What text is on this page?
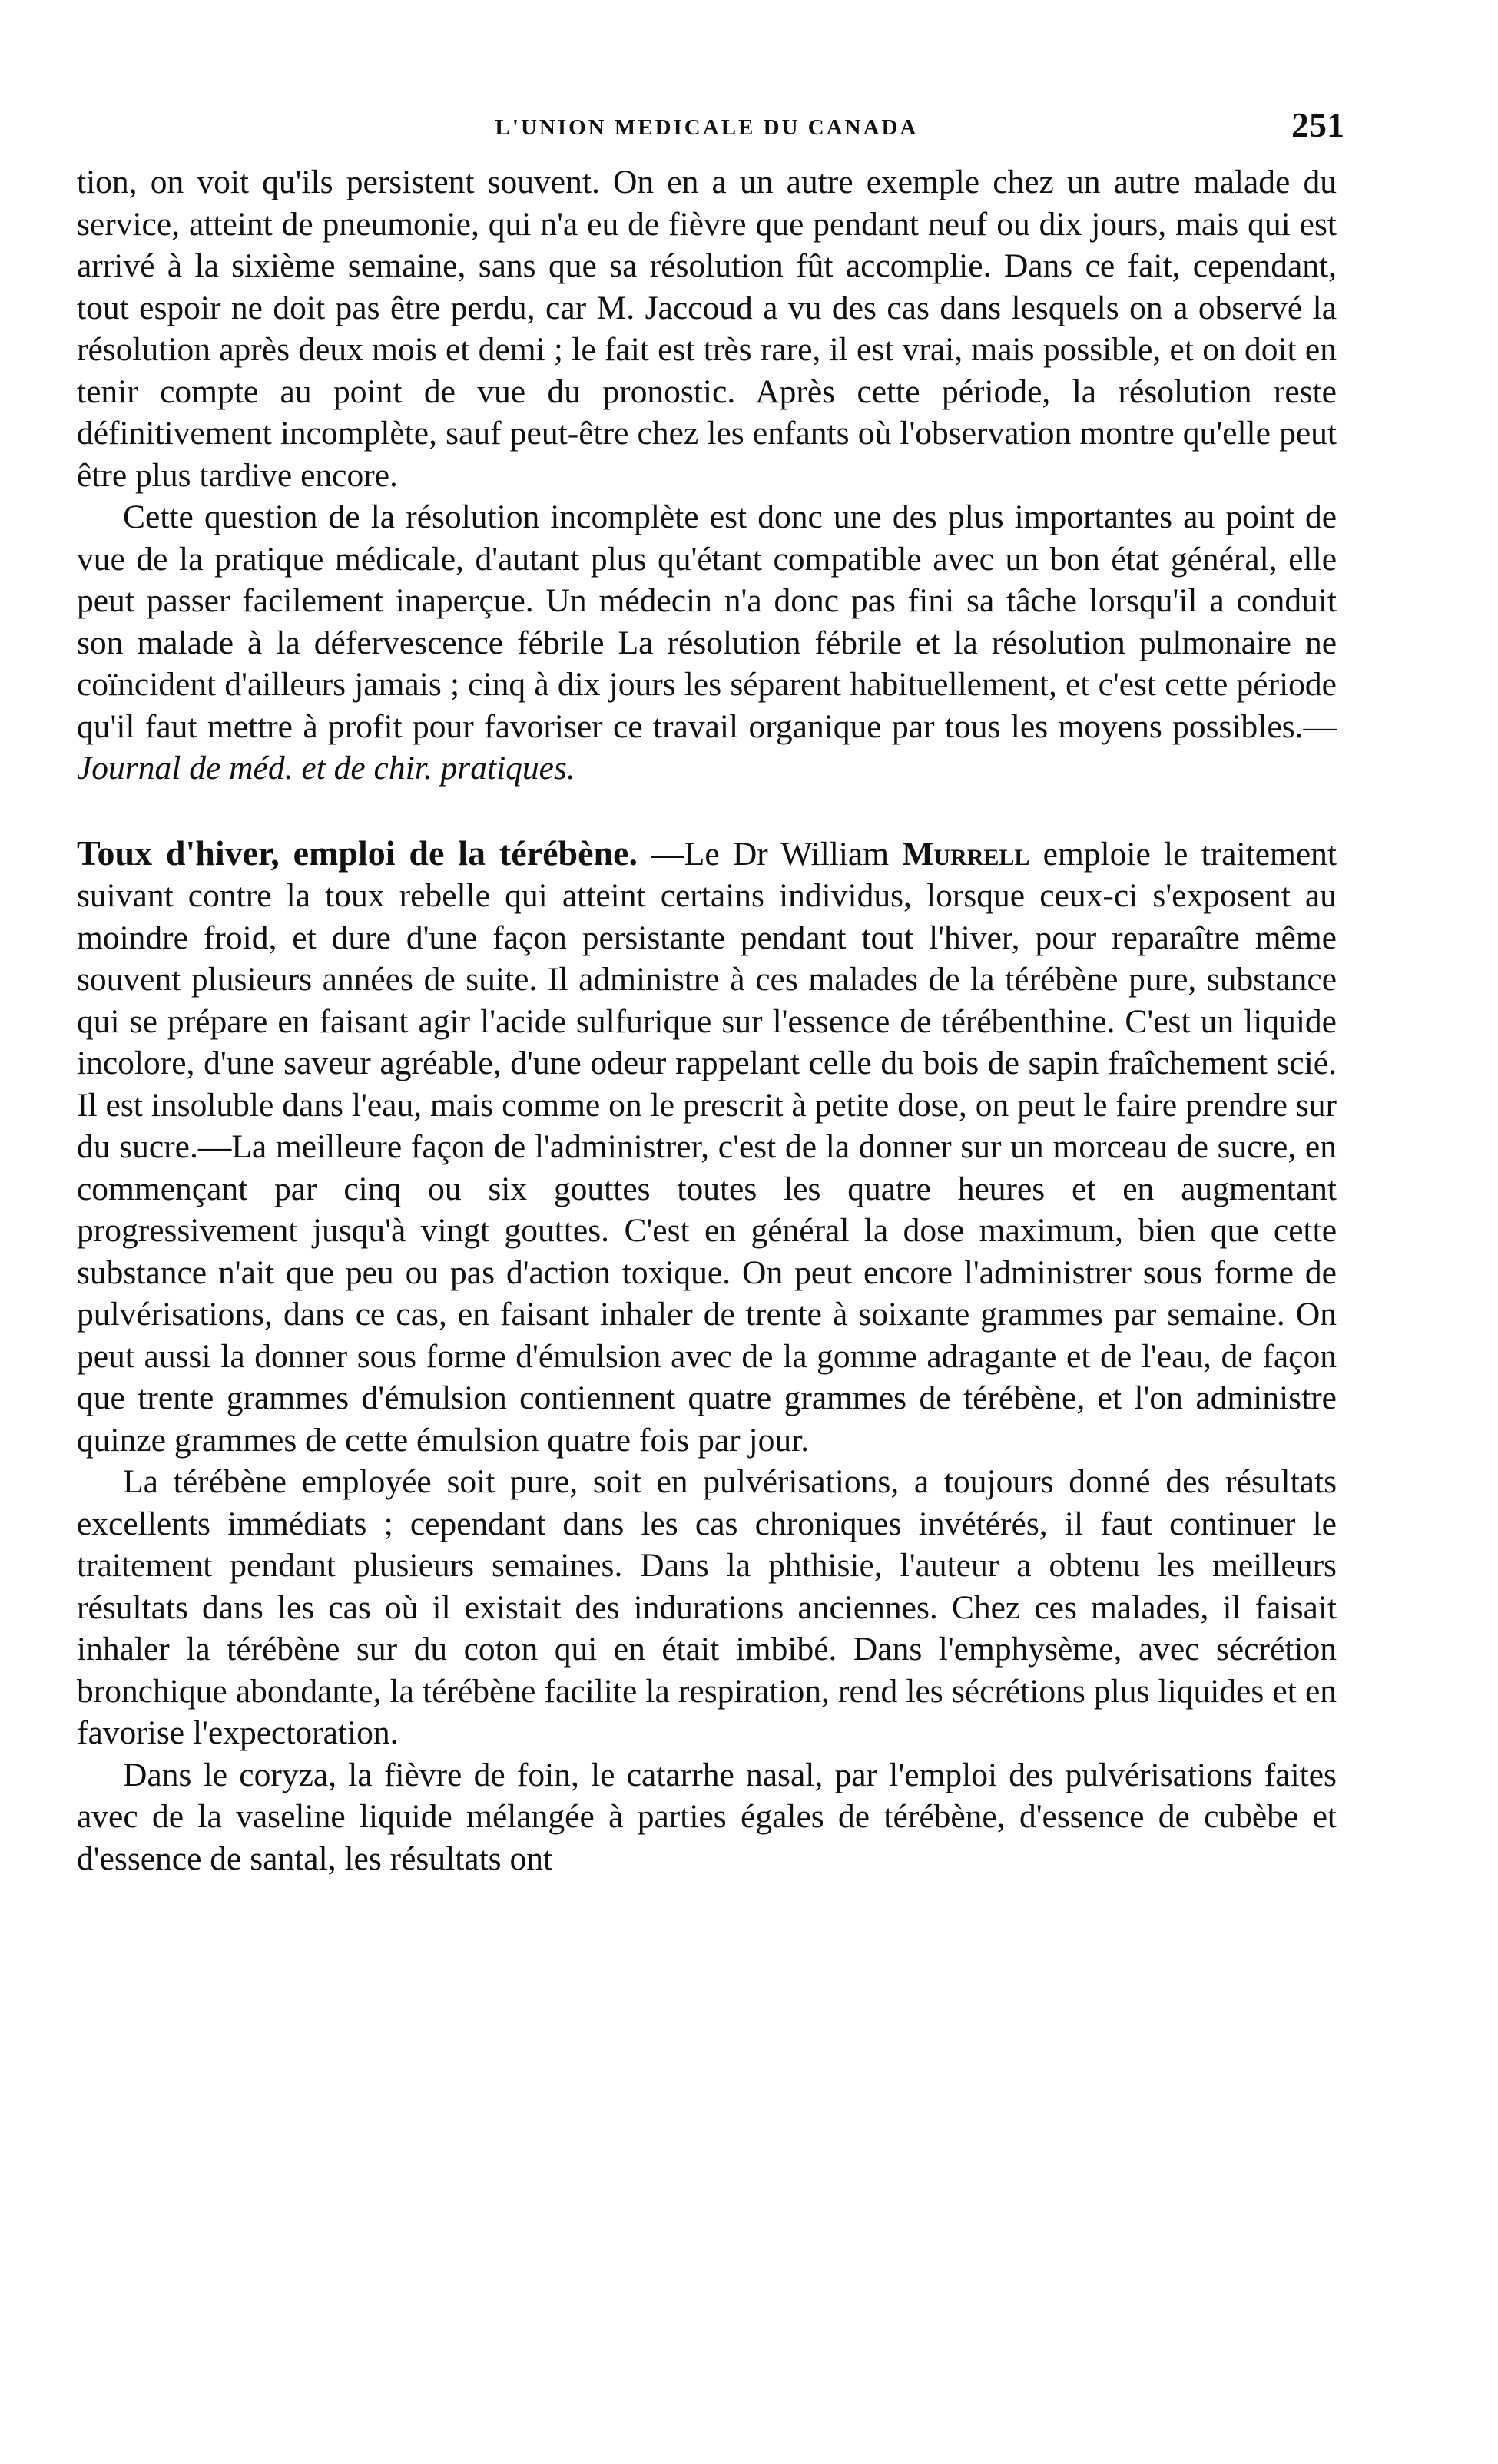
L'UNION MEDICALE DU CANADA	251

tion, on voit qu'ils persistent souvent. On en a un autre exemple chez un autre malade du service, atteint de pneumonie, qui n'a eu de fièvre que pendant neuf ou dix jours, mais qui est arrivé à la sixième semaine, sans que sa résolution fût accomplie. Dans ce fait, cependant, tout espoir ne doit pas être perdu, car M. Jaccoud a vu des cas dans lesquels on a observé la résolution après deux mois et demi ; le fait est très rare, il est vrai, mais possible, et on doit en tenir compte au point de vue du pronostic. Après cette période, la résolution reste définitivement incomplète, sauf peut-être chez les enfants où l'observation montre qu'elle peut être plus tardive encore.

Cette question de la résolution incomplète est donc une des plus importantes au point de vue de la pratique médicale, d'autant plus qu'étant compatible avec un bon état général, elle peut passer facilement inaperçue. Un médecin n'a donc pas fini sa tâche lorsqu'il a conduit son malade à la défervescence fébrile La résolution fébrile et la résolution pulmonaire ne coïncident d'ailleurs jamais ; cinq à dix jours les séparent habituellement, et c'est cette période qu'il faut mettre à profit pour favoriser ce travail organique par tous les moyens possibles.—Journal de méd. et de chir. pratiques.

Toux d'hiver, emploi de la térébène. —Le Dr William Murrell emploie le traitement suivant contre la toux rebelle qui atteint certains individus, lorsque ceux-ci s'exposent au moindre froid, et dure d'une façon persistante pendant tout l'hiver, pour reparaître même souvent plusieurs années de suite. Il administre à ces malades de la térébène pure, substance qui se prépare en faisant agir l'acide sulfurique sur l'essence de térébenthine. C'est un liquide incolore, d'une saveur agréable, d'une odeur rappelant celle du bois de sapin fraîchement scié. Il est insoluble dans l'eau, mais comme on le prescrit à petite dose, on peut le faire prendre sur du sucre.—La meilleure façon de l'administrer, c'est de la donner sur un morceau de sucre, en commençant par cinq ou six gouttes toutes les quatre heures et en augmentant progressivement jusqu'à vingt gouttes. C'est en général la dose maximum, bien que cette substance n'ait que peu ou pas d'action toxique. On peut encore l'administrer sous forme de pulvérisations, dans ce cas, en faisant inhaler de trente à soixante grammes par semaine. On peut aussi la donner sous forme d'émulsion avec de la gomme adragante et de l'eau, de façon que trente grammes d'émulsion contiennent quatre grammes de térébène, et l'on administre quinze grammes de cette émulsion quatre fois par jour.

La térébène employée soit pure, soit en pulvérisations, a toujours donné des résultats excellents immédiats ; cependant dans les cas chroniques invétérés, il faut continuer le traitement pendant plusieurs semaines. Dans la phthisie, l'auteur a obtenu les meilleurs résultats dans les cas où il existait des indurations anciennes. Chez ces malades, il faisait inhaler la térébène sur du coton qui en était imbibé. Dans l'emphysème, avec sécrétion bronchique abondante, la térébène facilite la respiration, rend les sécrétions plus liquides et en favorise l'expectoration.

Dans le coryza, la fièvre de foin, le catarrhe nasal, par l'emploi des pulvérisations faites avec de la vaseline liquide mélangée à parties égales de térébène, d'essence de cubèbe et d'essence de santal, les résultats ont
